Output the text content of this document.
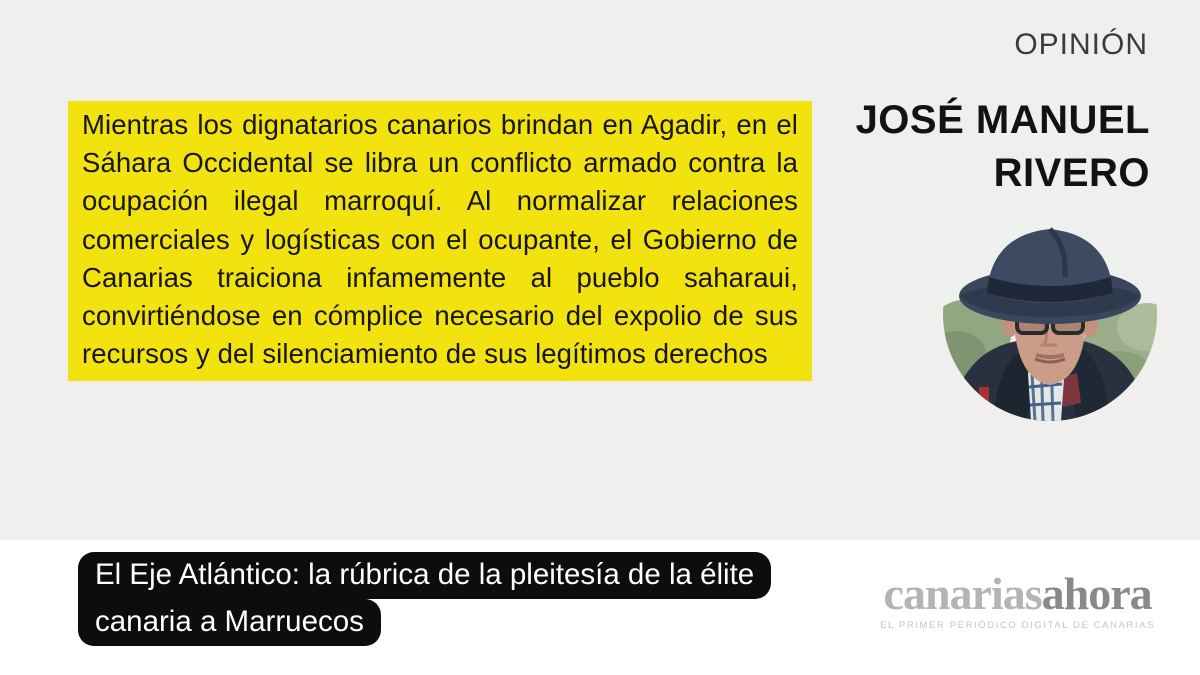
Mientras los dignatarios canarios brindan en Agadir, en el Sáhara Occidental se libra un conflicto armado contra la ocupación ilegal marroquí. Al normalizar relaciones comerciales y logísticas con el ocupante, el Gobierno de Canarias traiciona infamemente al pueblo saharaui, convirtiéndose en cómplice necesario del expolio de sus recursos y del silenciamiento de sus legítimos derechos

OPINIÓN
JOSÉ MANUEL
RIVERO
El Eje Atlántico: la rúbrica de la pleitesía de la élite
canaria a Marruecos
canariasahora
EL PRIMER PERIÓDICO DIGITAL DE CANARIAS
